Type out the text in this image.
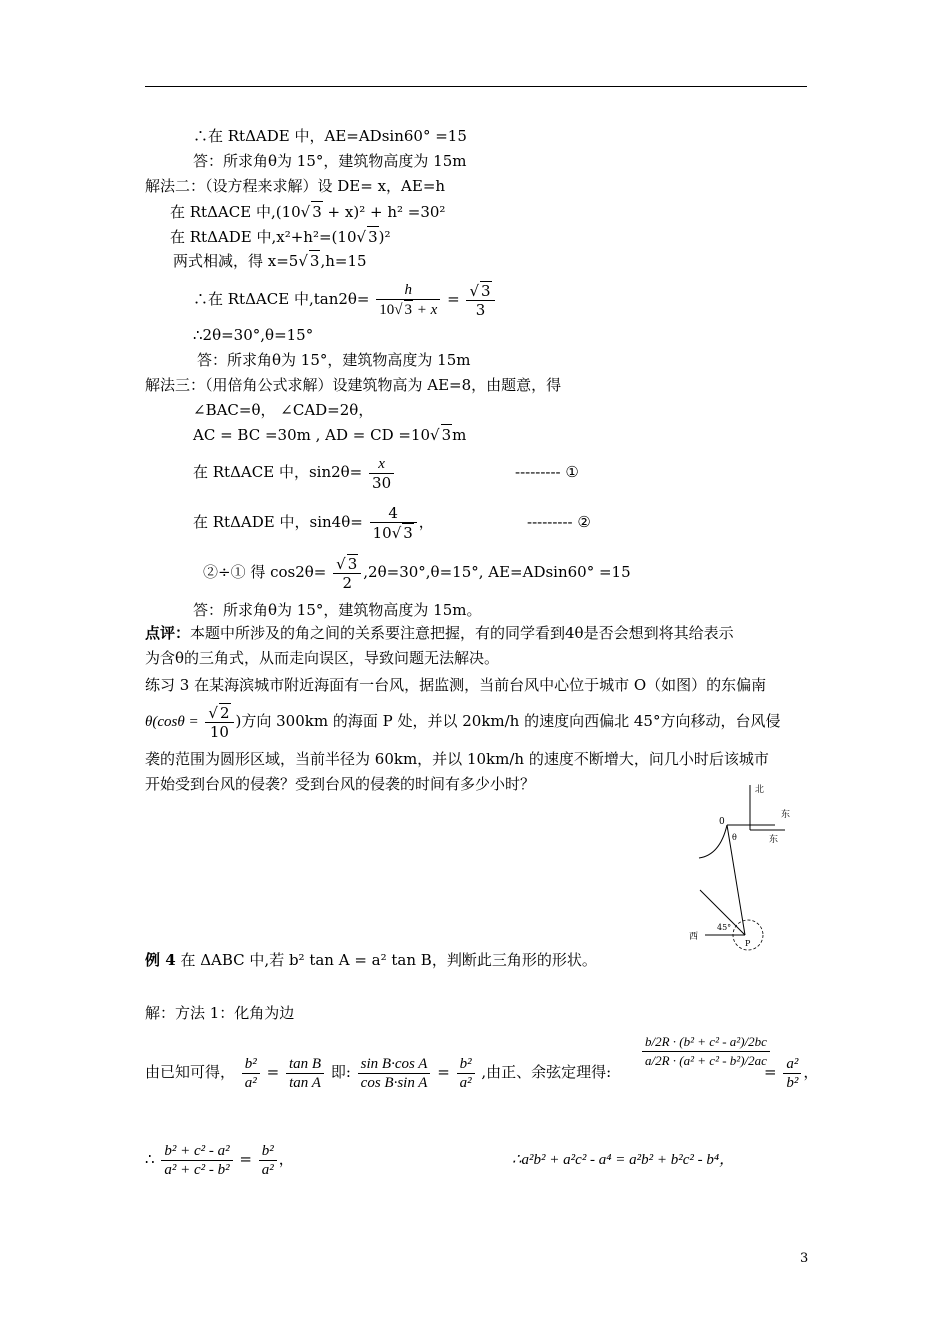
∴在 RtΔADE 中，AE=ADsin60° =15
答：所求角θ为 15°，建筑物高度为 15m
解法二：（设方程来求解）设 DE= x，AE=h
在 RtΔACE 中,(10√ 3 + x)² + h² =30²
在 RtΔADE 中,x²+h²=(10√ 3)²
两式相减，得 x=5√ 3,h=15
∴在 RtΔACE 中$,\tan 2\theta= \frac{h}{10√ 3 + x} = \frac{√ 3}{3}$
∴2θ=30°,θ=15°
答：所求角θ为 15°，建筑物高度为 15m
解法三：（用倍角公式求解）设建筑物高为 AE=8，由题意，得
∠BAC=θ， ∠CAD=2θ，
AC = BC =30m , AD = CD =10√ 3m
在 RtΔACE 中，$\sin 2\theta= \frac{x}{30}$	--------- ①
在 RtΔADE 中，$\sin 4\theta= \frac{4}{10√ 3}$ ，	--------- ②
②÷① 得 $\cos 2\theta= \frac{√ 3}{2} ,2\theta=30^\circ,\theta=15^\circ$, AE=ADsin60° =15
答：所求角θ为 15°，建筑物高度为 15m。
点评：本题中所涉及的角之间的关系要注意把握，有的同学看到4θ是否会想到将其给表示
为含θ的三角式，从而走向误区，导致问题无法解决。
练习 3 在某海滨城市附近海面有一台风，据监测，当前台风中心位于城市 O（如图）的东偏南
$\theta(\cos\theta = \frac{√ 2}{10}$ )方向 300km 的海面 P 处，并以 20km/h 的速度向西偏北 45°方向移动，台风侵
袭的范围为圆形区域，当前半径为 60km，并以 10km/h 的速度不断增大，问几小时后该城市
开始受到台风的侵袭？受到台风的侵袭的时间有多少小时？	北
东
东
0
θ
西
45°
P
例 4 在 ΔABC 中,若 b² tan A = a² tan B，判断此三角形的形状。
解：方法 1：化角为边
由已知可得， $\frac{\text{b²}}{\text{a²}} = \frac{\text{tan B}}{\text{tan A}}$ 即: $\frac{\text{sin B·cos A}}{\text{cos B·sin A}} = \frac{\text{b²}}{\text{a²}}$ ,由正、余弦定理得:
$\frac{\text{b/2R · (b² + c² - a²)/2bc}}{\text{a/2R · (a² + c² - b²)/2ac}}$
= $\frac{\text{a²}}{\text{b²}}$ ，
∴ $\frac{\text{b² + c² - a²}}{\text{a² + c² - b²}} = \frac{\text{b²}}{\text{a²}}$ ，	∴a²b² + a²c² - a⁴ = a²b² + b²c² - b⁴，
3
